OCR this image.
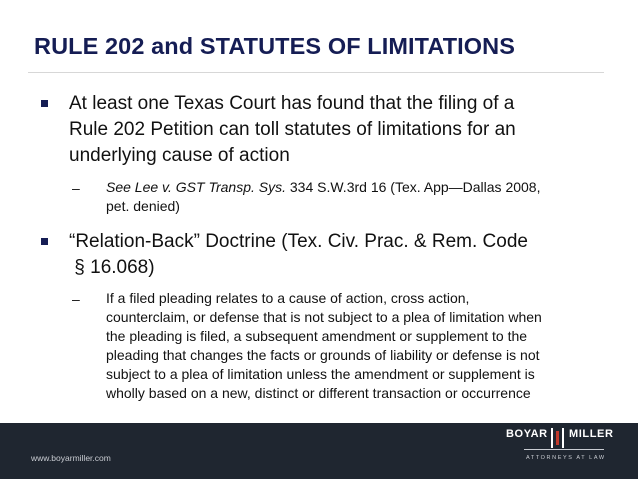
RULE 202 and STATUTES OF LIMITATIONS
At least one Texas Court has found that the filing of a
Rule 202 Petition can toll statutes of limitations for an
underlying cause of action
– See Lee v. GST Transp. Sys. 334 S.W.3rd 16 (Tex. App—Dallas 2008,
pet. denied)
“Relation-Back” Doctrine (Tex. Civ. Prac. & Rem. Code
§ 16.068)
– If a filed pleading relates to a cause of action, cross action,
counterclaim, or defense that is not subject to a plea of limitation when
the pleading is filed, a subsequent amendment or supplement to the
pleading that changes the facts or grounds of liability or defense is not
subject to a plea of limitation unless the amendment or supplement is
wholly based on a new, distinct or different transaction or occurrence
www.boyarmiller.com
BOYAR MILLER
ATTORNEYS AT LAW
